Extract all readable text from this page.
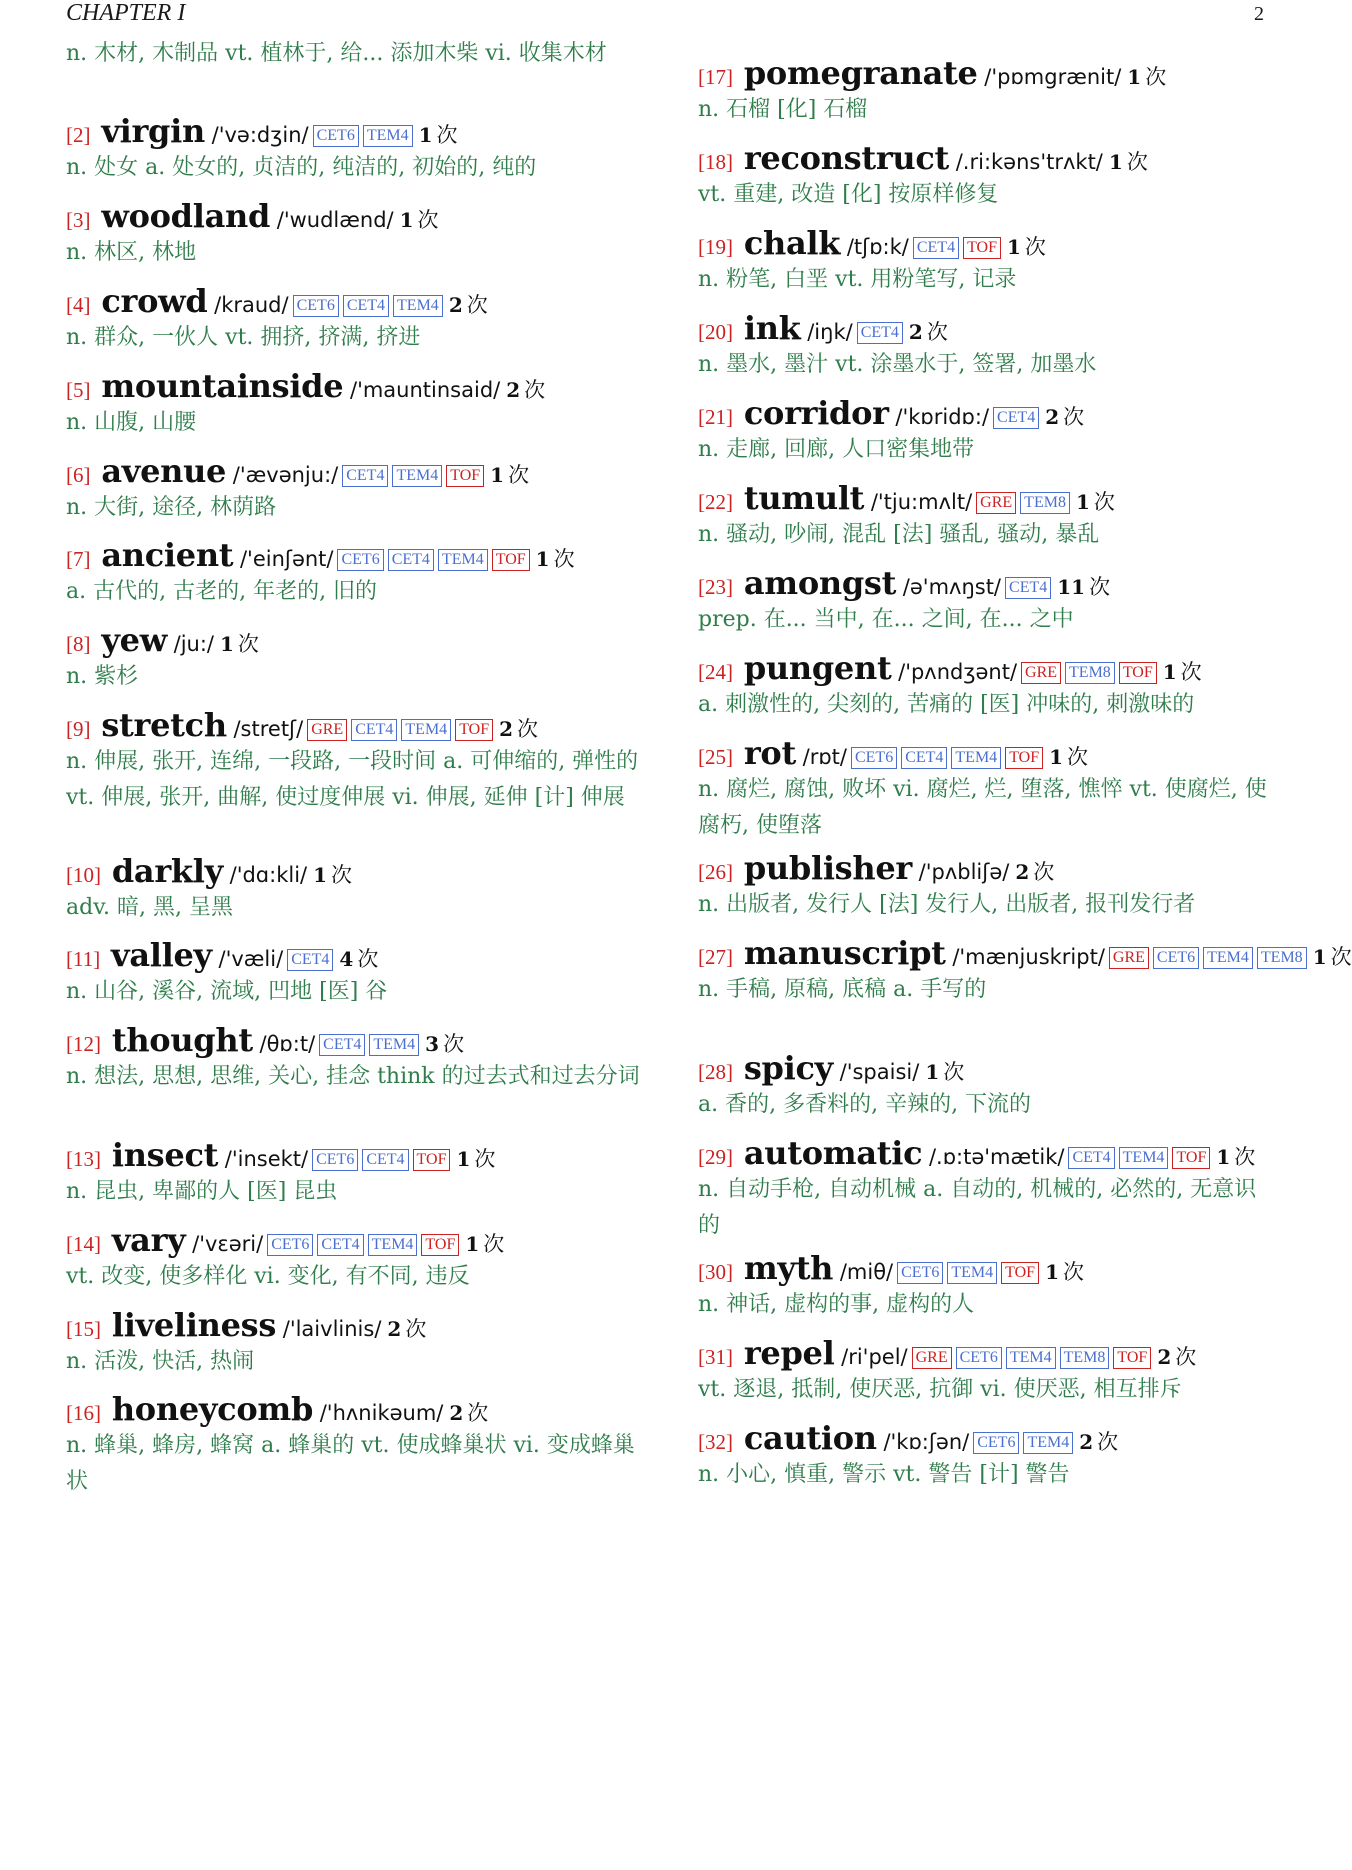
CHAPTER I	2
n. 木材, 木制品 vt. 植林于, 给... 添加木柴 vi. 收集木材
[2] virgin /'və:dʒin/ CET6 TEM4 1 次
n. 处女 a. 处女的, 贞洁的, 纯洁的, 初始的, 纯的
[3] woodland /'wudlænd/ 1 次
n. 林区, 林地
[4] crowd /kraud/ CET6 CET4 TEM4 2 次
n. 群众, 一伙人 vt. 拥挤, 挤满, 挤进
[5] mountainside /'mauntinsaid/ 2 次
n. 山腹, 山腰
[6] avenue /'ævənju:/ CET4 TEM4 TOF 1 次
n. 大街, 途径, 林荫路
[7] ancient /'einʃənt/ CET6 CET4 TEM4 TOF 1 次
a. 古代的, 古老的, 年老的, 旧的
[8] yew /ju:/ 1 次
n. 紫杉
[9] stretch /stretʃ/ GRE CET4 TEM4 TOF 2 次
n. 伸展, 张开, 连绵, 一段路, 一段时间 a. 可伸缩的, 弹性的 vt. 伸展, 张开, 曲解, 使过度伸展 vi. 伸展, 延伸 [计] 伸展
[10] darkly /'dɑ:kli/ 1 次
adv. 暗, 黑, 呈黑
[11] valley /'væli/ CET4 4 次
n. 山谷, 溪谷, 流域, 凹地 [医] 谷
[12] thought /θɒ:t/ CET4 TEM4 3 次
n. 想法, 思想, 思维, 关心, 挂念 think 的过去式和过去分词
[13] insect /'insekt/ CET6 CET4 TOF 1 次
n. 昆虫, 卑鄙的人 [医] 昆虫
[14] vary /'vɛəri/ CET6 CET4 TEM4 TOF 1 次
vt. 改变, 使多样化 vi. 变化, 有不同, 违反
[15] liveliness /'laivlinis/ 2 次
n. 活泼, 快活, 热闹
[16] honeycomb /'hʌnikəum/ 2 次
n. 蜂巢, 蜂房, 蜂窝 a. 蜂巢的 vt. 使成蜂巢状 vi. 变成蜂巢状
[17] pomegranate /'pɒmgrænit/ 1 次
n. 石榴 [化] 石榴
[18] reconstruct /.ri:kəns'trʌkt/ 1 次
vt. 重建, 改造 [化] 按原样修复
[19] chalk /tʃɒ:k/ CET4 TOF 1 次
n. 粉笔, 白垩 vt. 用粉笔写, 记录
[20] ink /iŋk/ CET4 2 次
n. 墨水, 墨汁 vt. 涂墨水于, 签署, 加墨水
[21] corridor /'kɒridɒ:/ CET4 2 次
n. 走廊, 回廊, 人口密集地带
[22] tumult /'tju:mʌlt/ GRE TEM8 1 次
n. 骚动, 吵闹, 混乱 [法] 骚乱, 骚动, 暴乱
[23] amongst /ə'mʌŋst/ CET4 11 次
prep. 在... 当中, 在... 之间, 在... 之中
[24] pungent /'pʌndʒənt/ GRE TEM8 TOF 1 次
a. 刺激性的, 尖刻的, 苦痛的 [医] 冲味的, 刺激味的
[25] rot /rɒt/ CET6 CET4 TEM4 TOF 1 次
n. 腐烂, 腐蚀, 败坏 vi. 腐烂, 烂, 堕落, 憔悴 vt. 使腐烂, 使腐朽, 使堕落
[26] publisher /'pʌbliʃə/ 2 次
n. 出版者, 发行人 [法] 发行人, 出版者, 报刊发行者
[27] manuscript /'mænjuskript/ GRE CET6 TEM4 TEM8 1 次
n. 手稿, 原稿, 底稿 a. 手写的
[28] spicy /'spaisi/ 1 次
a. 香的, 多香料的, 辛辣的, 下流的
[29] automatic /.ɒ:tə'mætik/ CET4 TEM4 TOF 1 次
n. 自动手枪, 自动机械 a. 自动的, 机械的, 必然的, 无意识的
[30] myth /miθ/ CET6 TEM4 TOF 1 次
n. 神话, 虚构的事, 虚构的人
[31] repel /ri'pel/ GRE CET6 TEM4 TEM8 TOF 2 次
vt. 逐退, 抵制, 使厌恶, 抗御 vi. 使厌恶, 相互排斥
[32] caution /'kɒ:ʃən/ CET6 TEM4 2 次
n. 小心, 慎重, 警示 vt. 警告 [计] 警告
